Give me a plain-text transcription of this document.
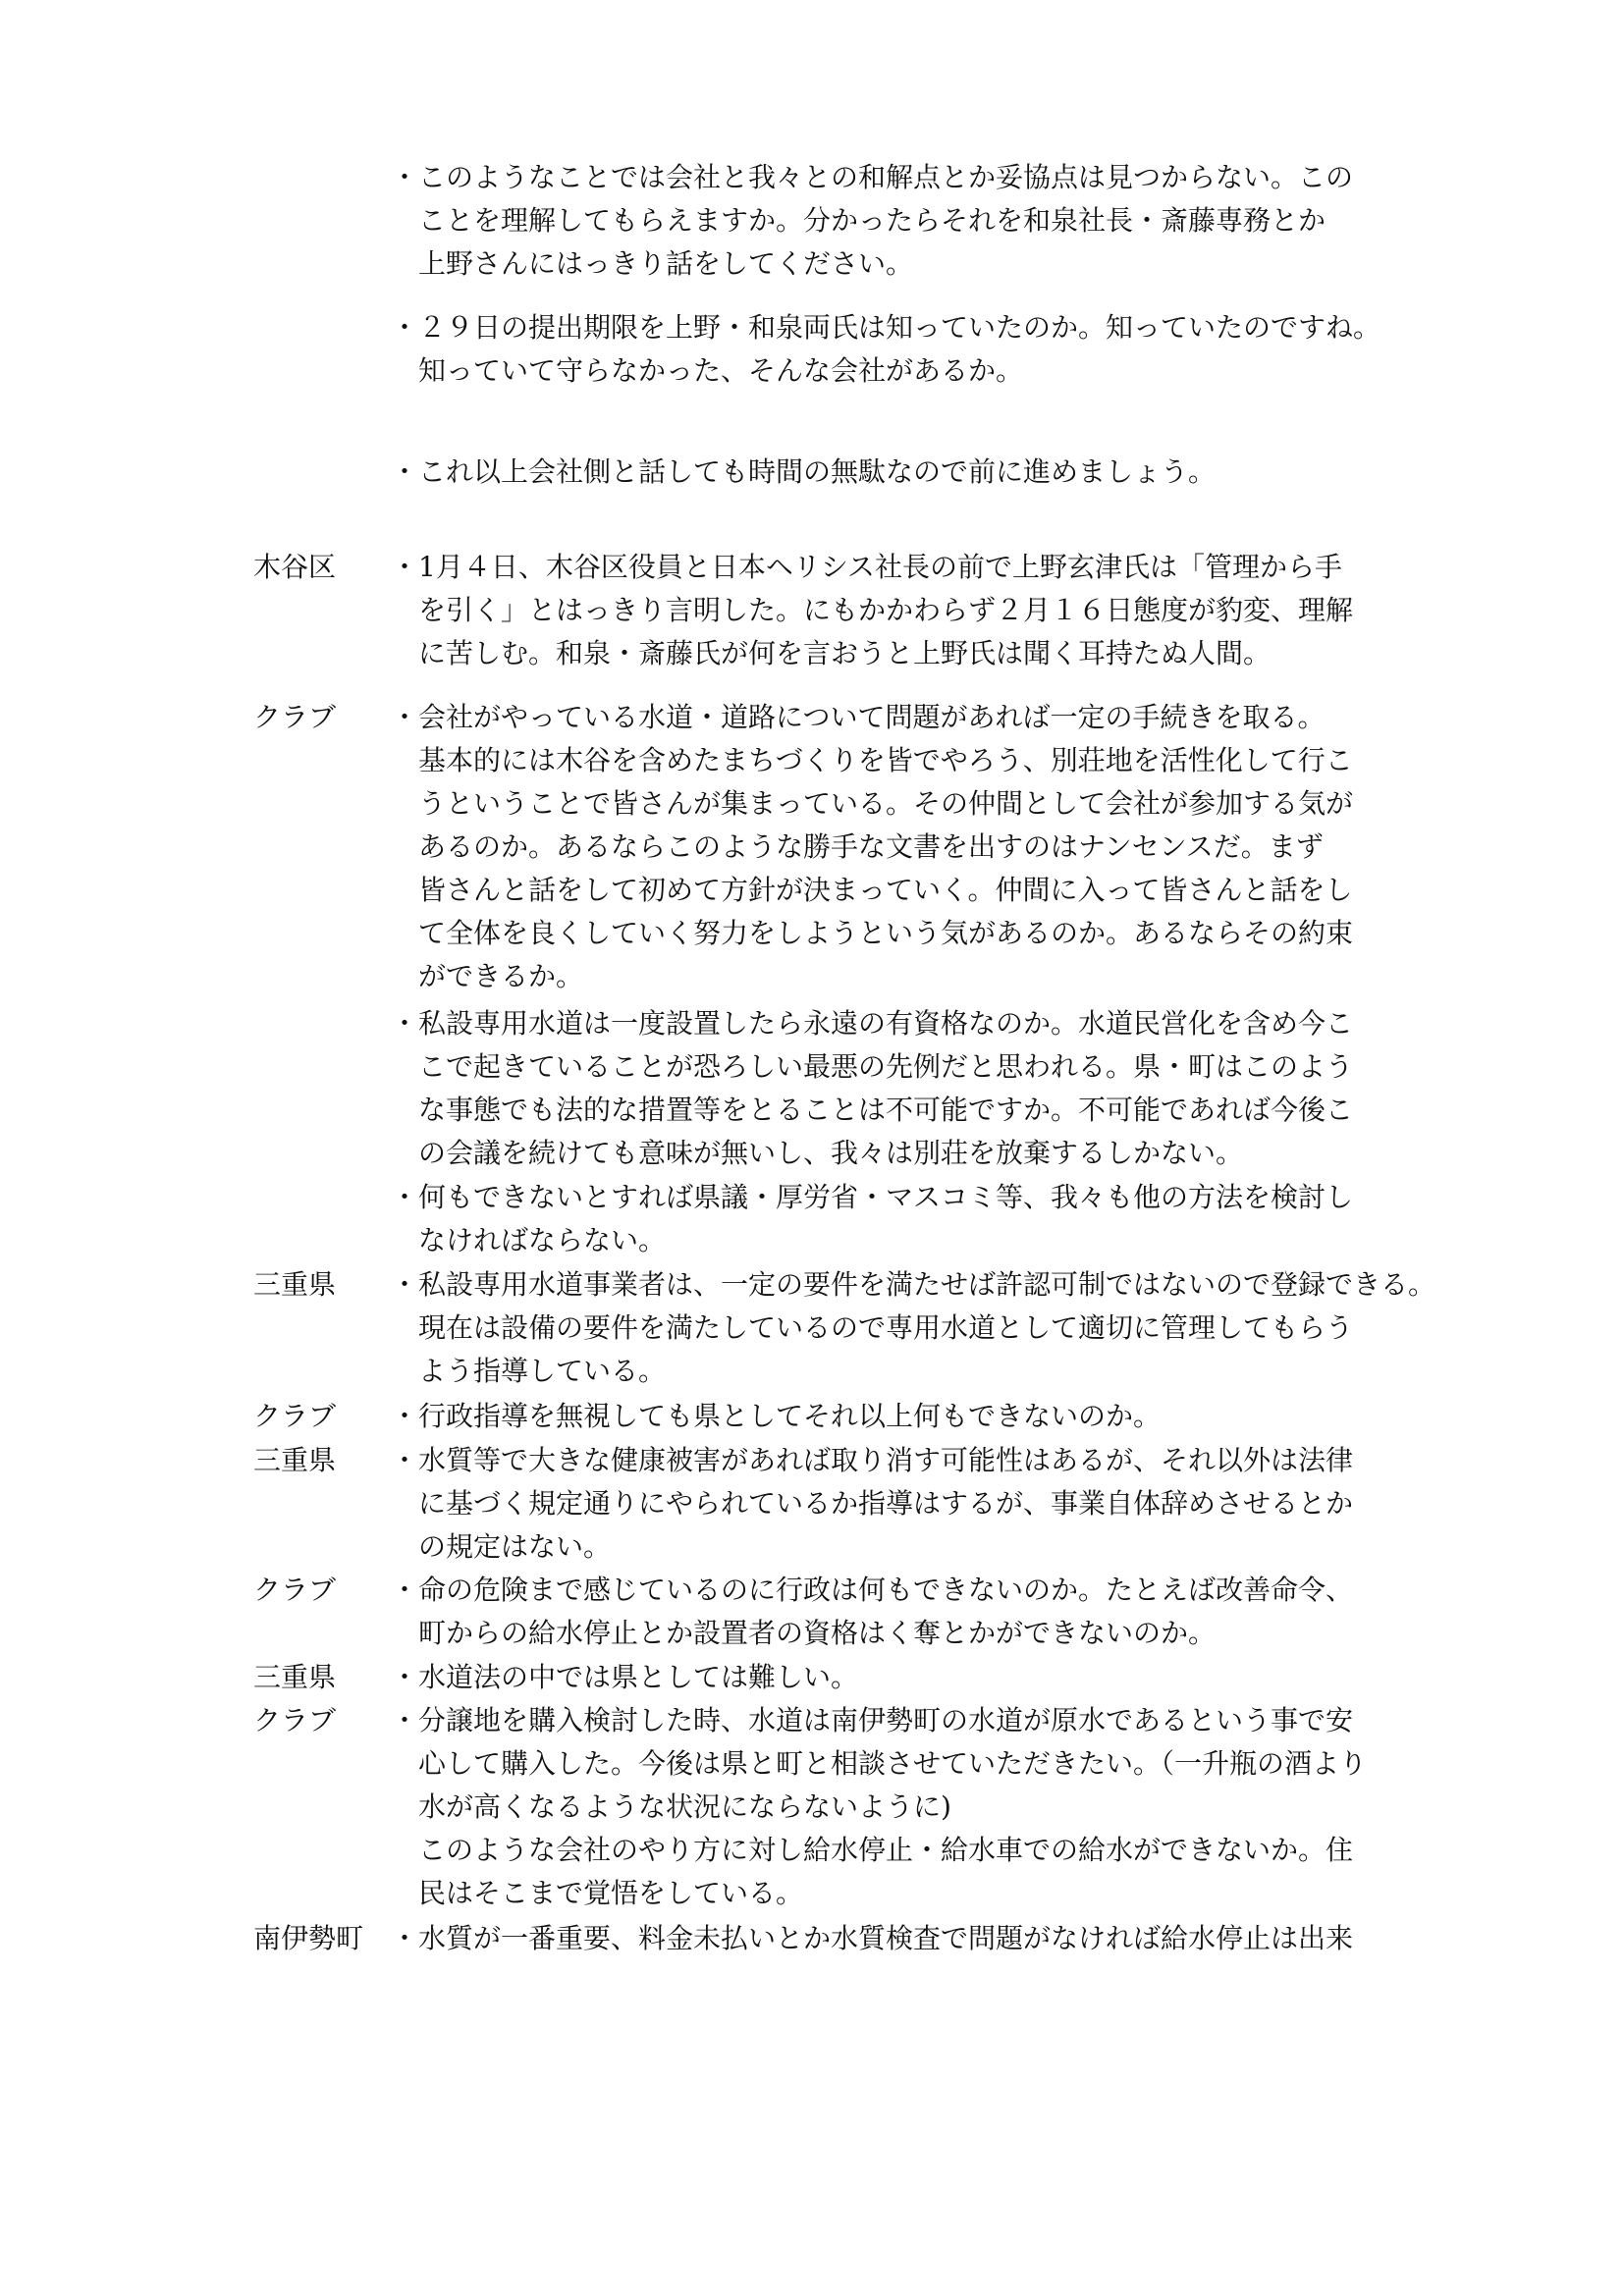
・このようなことでは会社と我々との和解点とか妥協点は見つからない。この
ことを理解してもらえますか。分かったらそれを和泉社長・斎藤専務とか
上野さんにはっきり話をしてください。
・２９日の提出期限を上野・和泉両氏は知っていたのか。知っていたのですね。
知っていて守らなかった、そんな会社があるか。
・これ以上会社側と話しても時間の無駄なので前に進めましょう。
木谷区	・1月４日、木谷区役員と日本ヘリシス社長の前で上野玄津氏は「管理から手
を引く」とはっきり言明した。にもかかわらず２月１６日態度が豹変、理解
に苦しむ。和泉・斎藤氏が何を言おうと上野氏は聞く耳持たぬ人間。
クラブ	・会社がやっている水道・道路について問題があれば一定の手続きを取る。
基本的には木谷を含めたまちづくりを皆でやろう、別荘地を活性化して行こ
うということで皆さんが集まっている。その仲間として会社が参加する気が
あるのか。あるならこのような勝手な文書を出すのはナンセンスだ。まず
皆さんと話をして初めて方針が決まっていく。仲間に入って皆さんと話をし
て全体を良くしていく努力をしようという気があるのか。あるならその約束
ができるか。
・私設専用水道は一度設置したら永遠の有資格なのか。水道民営化を含め今こ
こで起きていることが恐ろしい最悪の先例だと思われる。県・町はこのよう
な事態でも法的な措置等をとることは不可能ですか。不可能であれば今後こ
の会議を続けても意味が無いし、我々は別荘を放棄するしかない。
・何もできないとすれば県議・厚労省・マスコミ等、我々も他の方法を検討し
なければならない。
三重県	・私設専用水道事業者は、一定の要件を満たせば許認可制ではないので登録できる。
現在は設備の要件を満たしているので専用水道として適切に管理してもらう
よう指導している。
クラブ	・行政指導を無視しても県としてそれ以上何もできないのか。
三重県	・水質等で大きな健康被害があれば取り消す可能性はあるが、それ以外は法律
に基づく規定通りにやられているか指導はするが、事業自体辞めさせるとか
の規定はない。
クラブ	・命の危険まで感じているのに行政は何もできないのか。たとえば改善命令、
町からの給水停止とか設置者の資格はく奪とかができないのか。
三重県	・水道法の中では県としては難しい。
クラブ	・分譲地を購入検討した時、水道は南伊勢町の水道が原水であるという事で安
心して購入した。今後は県と町と相談させていただきたい。（一升瓶の酒より
水が高くなるような状況にならないように)
このような会社のやり方に対し給水停止・給水車での給水ができないか。住
民はそこまで覚悟をしている。
南伊勢町 ・水質が一番重要、料金未払いとか水質検査で問題がなければ給水停止は出来
